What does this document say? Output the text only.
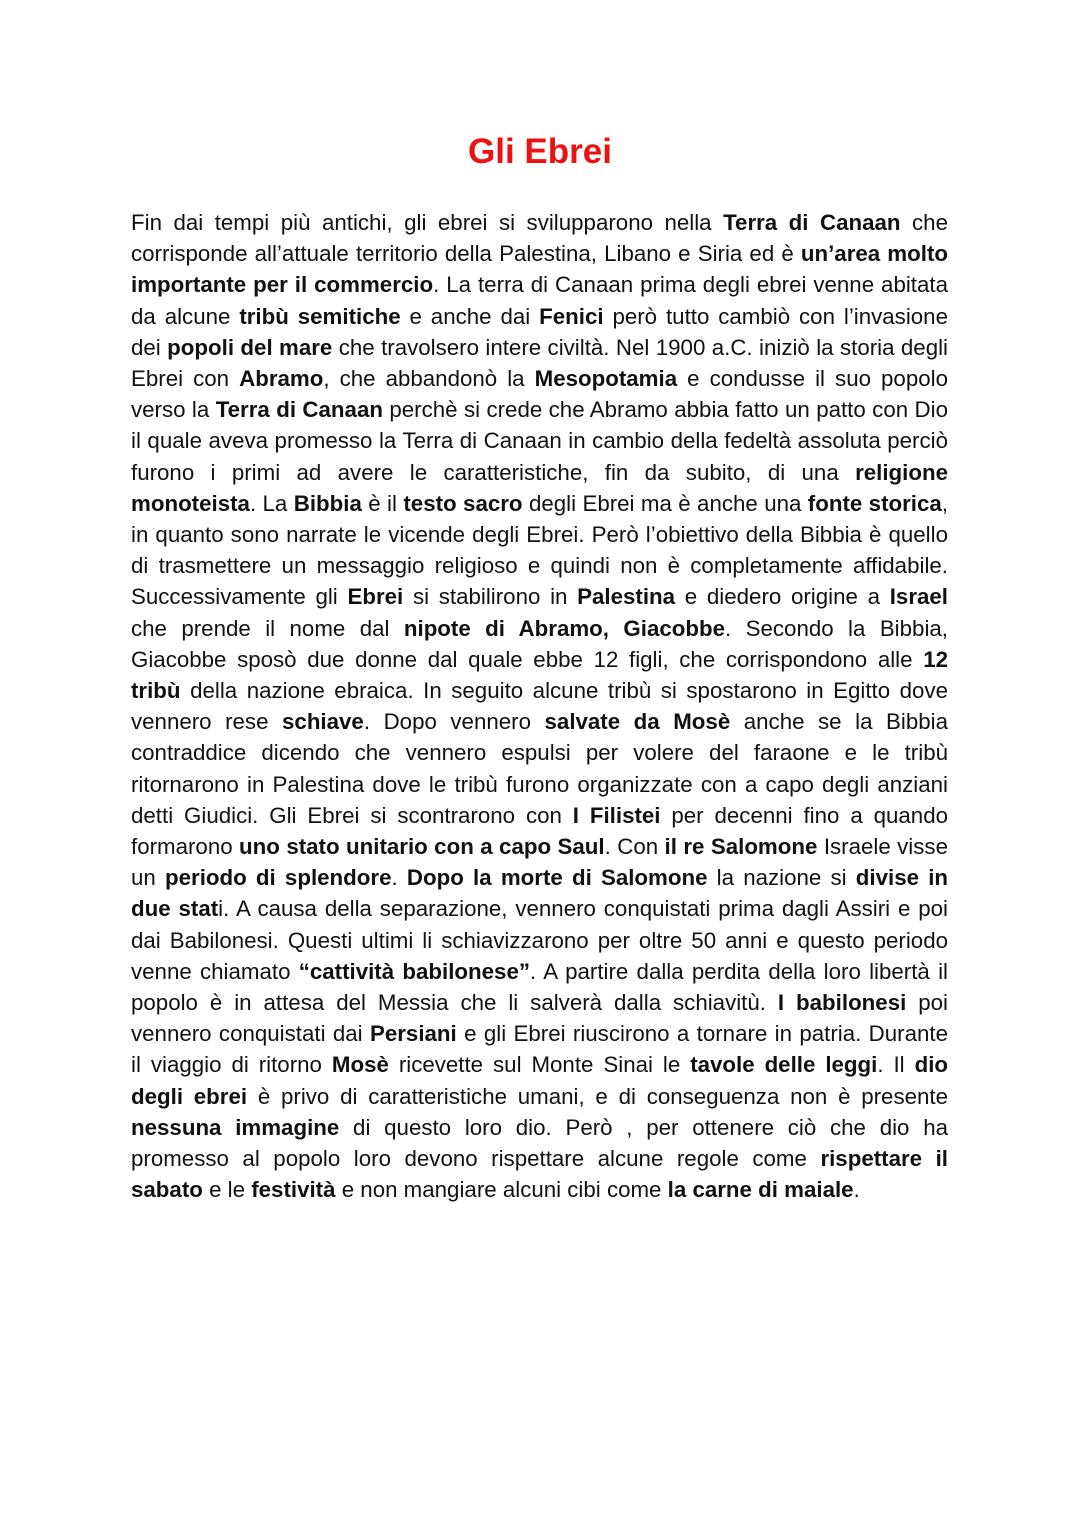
Gli Ebrei

Fin dai tempi più antichi, gli ebrei si svilupparono nella Terra di Canaan che corrisponde all’attuale territorio della Palestina, Libano e Siria ed è un’area molto importante per il commercio. La terra di Canaan prima degli ebrei venne abitata da alcune tribù semitiche e anche dai Fenici però tutto cambiò con l’invasione dei popoli del mare che travolsero intere civiltà. Nel 1900 a.C. iniziò la storia degli Ebrei con Abramo, che abbandonò la Mesopotamia e condusse il suo popolo verso la Terra di Canaan perchè si crede che Abramo abbia fatto un patto con Dio il quale aveva promesso la Terra di Canaan in cambio della fedeltà assoluta perciò furono i primi ad avere le caratteristiche, fin da subito, di una religione monoteista. La Bibbia è il testo sacro degli Ebrei ma è anche una fonte storica, in quanto sono narrate le vicende degli Ebrei. Però l’obiettivo della Bibbia è quello di trasmettere un messaggio religioso e quindi non è completamente affidabile. Successivamente gli Ebrei si stabilirono in Palestina e diedero origine a Israel che prende il nome dal nipote di Abramo, Giacobbe. Secondo la Bibbia, Giacobbe sposò due donne dal quale ebbe 12 figli, che corrispondono alle 12 tribù della nazione ebraica. In seguito alcune tribù si spostarono in Egitto dove vennero rese schiave. Dopo vennero salvate da Mosè anche se la Bibbia contraddice dicendo che vennero espulsi per volere del faraone e le tribù ritornarono in Palestina dove le tribù furono organizzate con a capo degli anziani detti Giudici. Gli Ebrei si scontrarono con I Filistei per decenni fino a quando formarono uno stato unitario con a capo Saul. Con il re Salomone Israele visse un periodo di splendore. Dopo la morte di Salomone la nazione si divise in due stati. A causa della separazione, vennero conquistati prima dagli Assiri e poi dai Babilonesi. Questi ultimi li schiavizzarono per oltre 50 anni e questo periodo venne chiamato “cattività babilonese”. A partire dalla perdita della loro libertà il popolo è in attesa del Messia che li salverà dalla schiavitù. I babilonesi poi vennero conquistati dai Persiani e gli Ebrei riuscirono a tornare in patria. Durante il viaggio di ritorno Mosè ricevette sul Monte Sinai le tavole delle leggi. Il dio degli ebrei è privo di caratteristiche umani, e di conseguenza non è presente nessuna immagine di questo loro dio. Però , per ottenere ciò che dio ha promesso al popolo loro devono rispettare alcune regole come rispettare il sabato e le festività e non mangiare alcuni cibi come la carne di maiale.
